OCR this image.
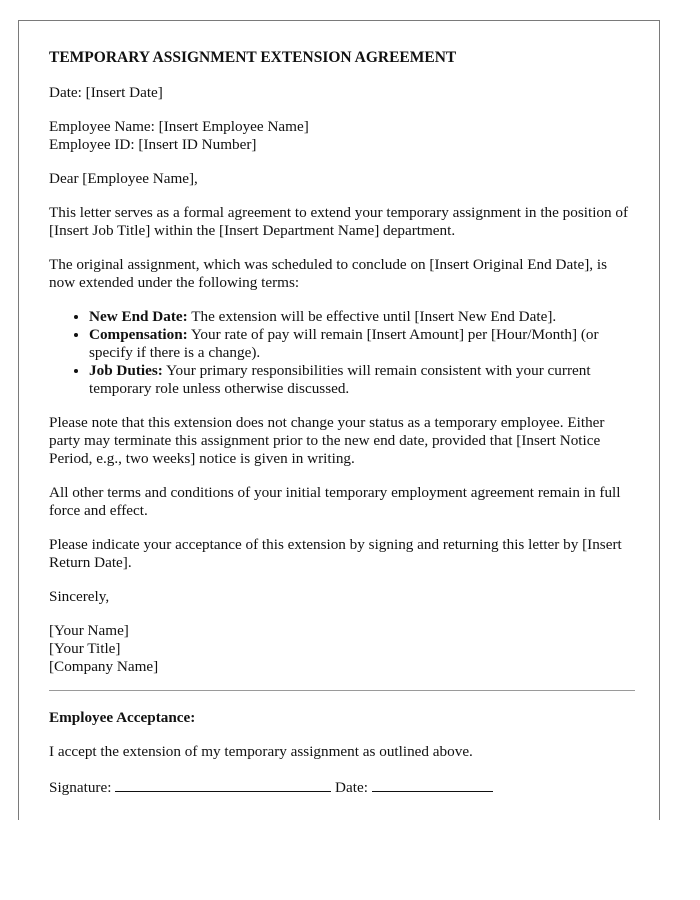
TEMPORARY ASSIGNMENT EXTENSION AGREEMENT

Date: [Insert Date]

Employee Name: [Insert Employee Name]
Employee ID: [Insert ID Number]

Dear [Employee Name],

This letter serves as a formal agreement to extend your temporary assignment in the position of [Insert Job Title] within the [Insert Department Name] department.

The original assignment, which was scheduled to conclude on [Insert Original End Date], is now extended under the following terms:

• New End Date: The extension will be effective until [Insert New End Date].
• Compensation: Your rate of pay will remain [Insert Amount] per [Hour/Month] (or specify if there is a change).
• Job Duties: Your primary responsibilities will remain consistent with your current temporary role unless otherwise discussed.

Please note that this extension does not change your status as a temporary employee. Either party may terminate this assignment prior to the new end date, provided that [Insert Notice Period, e.g., two weeks] notice is given in writing.

All other terms and conditions of your initial temporary employment agreement remain in full force and effect.

Please indicate your acceptance of this extension by signing and returning this letter by [Insert Return Date].

Sincerely,

[Your Name]
[Your Title]
[Company Name]

Employee Acceptance:

I accept the extension of my temporary assignment as outlined above.

Signature:	Date:
